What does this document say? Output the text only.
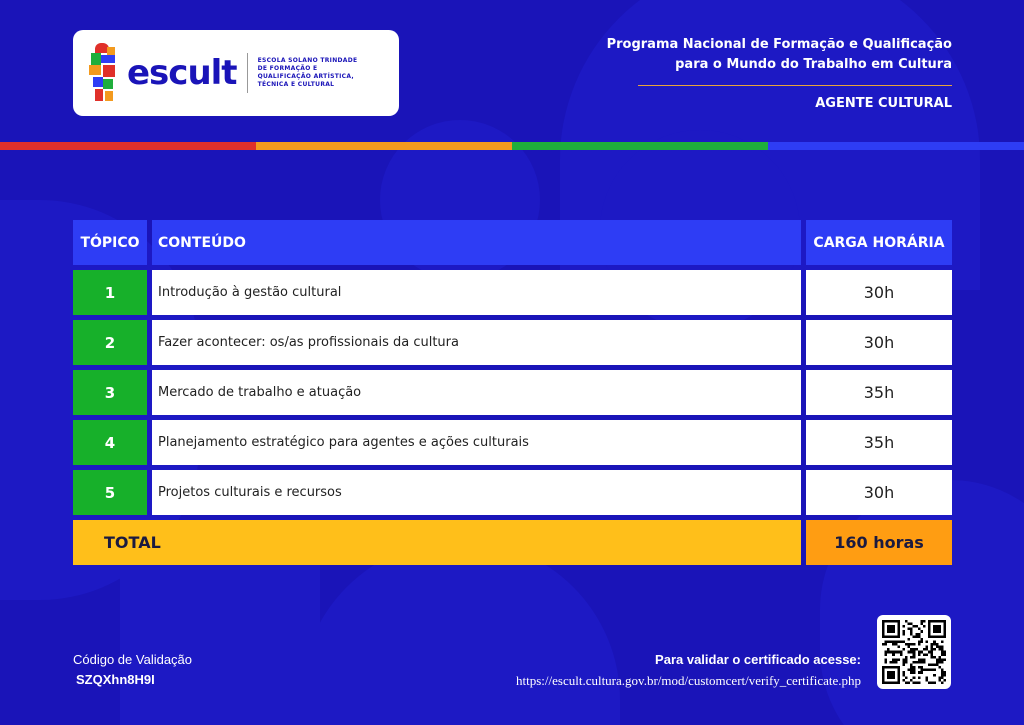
escult	ESCOLA SOLANO TRINDADE DE FORMAÇÃO E QUALIFICAÇÃO ARTÍSTICA, TÉCNICA E CULTURAL
Programa Nacional de Formação e Qualificação
para o Mundo do Trabalho em Cultura
AGENTE CULTURAL
TÓPICO	CONTEÚDO	CARGA HORÁRIA
1	Introdução à gestão cultural	30h
2	Fazer acontecer: os/as profissionais da cultura	30h
3	Mercado de trabalho e atuação	35h
4	Planejamento estratégico para agentes e ações culturais	35h
5	Projetos culturais e recursos	30h
TOTAL	160 horas
Código de Validação
SZQXhn8H9I
Para validar o certificado acesse:
https://escult.cultura.gov.br/mod/customcert/verify_certificate.php
